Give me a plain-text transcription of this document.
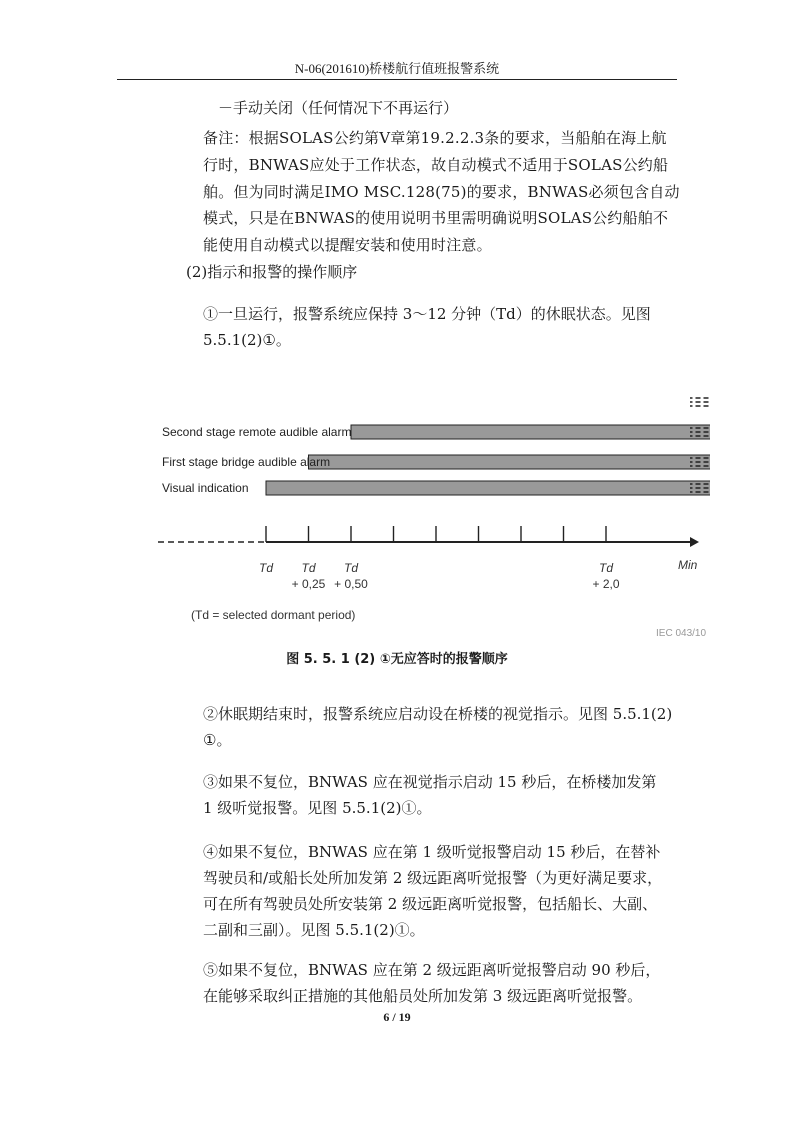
N-06(201610)桥楼航行值班报警系统
－手动关闭（任何情况下不再运行）
备注：根据SOLAS公约第V章第19.2.2.3条的要求，当船舶在海上航
行时，BNWAS应处于工作状态，故自动模式不适用于SOLAS公约船
舶。但为同时满足IMO MSC.128(75)的要求，BNWAS必须包含自动
模式，只是在BNWAS的使用说明书里需明确说明SOLAS公约船舶不
能使用自动模式以提醒安装和使用时注意。
(2)指示和报警的操作顺序
①一旦运行，报警系统应保持 3～12 分钟（Td）的休眠状态。见图
5.5.1(2)①。
Second stage remote audible alarm
First stage bridge audible alarm
Visual indication
Min
Td Td
+ 0,25
Td
+ 0,50
Td
+ 2,0
(Td = selected dormant period)
IEC 043/10
图 5. 5. 1 (2) ①无应答时的报警顺序
②休眠期结束时，报警系统应启动设在桥楼的视觉指示。见图 5.5.1(2)
①。
③如果不复位，BNWAS 应在视觉指示启动 15 秒后，在桥楼加发第
1 级听觉报警。见图 5.5.1(2)①。
④如果不复位，BNWAS 应在第 1 级听觉报警启动 15 秒后，在替补
驾驶员和/或船长处所加发第 2 级远距离听觉报警（为更好满足要求，
可在所有驾驶员处所安装第 2 级远距离听觉报警，包括船长、大副、
二副和三副）。见图 5.5.1(2)①。
⑤如果不复位，BNWAS 应在第 2 级远距离听觉报警启动 90 秒后，
在能够采取纠正措施的其他船员处所加发第 3 级远距离听觉报警。
6 / 19
